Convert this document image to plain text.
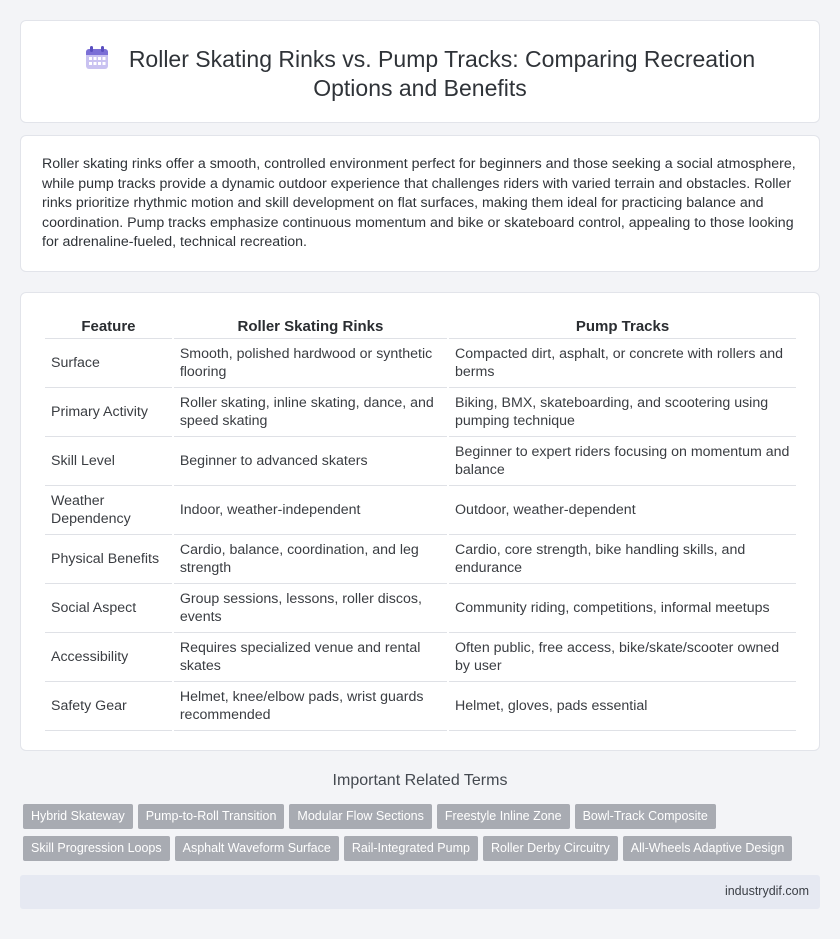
Roller Skating Rinks vs. Pump Tracks: Comparing Recreation Options and Benefits

Roller skating rinks offer a smooth, controlled environment perfect for beginners and those seeking a social atmosphere, while pump tracks provide a dynamic outdoor experience that challenges riders with varied terrain and obstacles. Roller rinks prioritize rhythmic motion and skill development on flat surfaces, making them ideal for practicing balance and coordination. Pump tracks emphasize continuous momentum and bike or skateboard control, appealing to those looking for adrenaline-fueled, technical recreation.

Feature	Roller Skating Rinks	Pump Tracks
Surface	Smooth, polished hardwood or synthetic flooring	Compacted dirt, asphalt, or concrete with rollers and berms
Primary Activity	Roller skating, inline skating, dance, and speed skating	Biking, BMX, skateboarding, and scootering using pumping technique
Skill Level	Beginner to advanced skaters	Beginner to expert riders focusing on momentum and balance
Weather Dependency	Indoor, weather-independent	Outdoor, weather-dependent
Physical Benefits	Cardio, balance, coordination, and leg strength	Cardio, core strength, bike handling skills, and endurance
Social Aspect	Group sessions, lessons, roller discos, events	Community riding, competitions, informal meetups
Accessibility	Requires specialized venue and rental skates	Often public, free access, bike/skate/scooter owned by user
Safety Gear	Helmet, knee/elbow pads, wrist guards recommended	Helmet, gloves, pads essential
Important Related Terms
Hybrid Skateway Pump-to-Roll Transition Modular Flow Sections Freestyle Inline Zone Bowl-Track Composite
Skill Progression Loops Asphalt Waveform Surface Rail-Integrated Pump Roller Derby Circuitry All-Wheels Adaptive Design
industrydif.com
